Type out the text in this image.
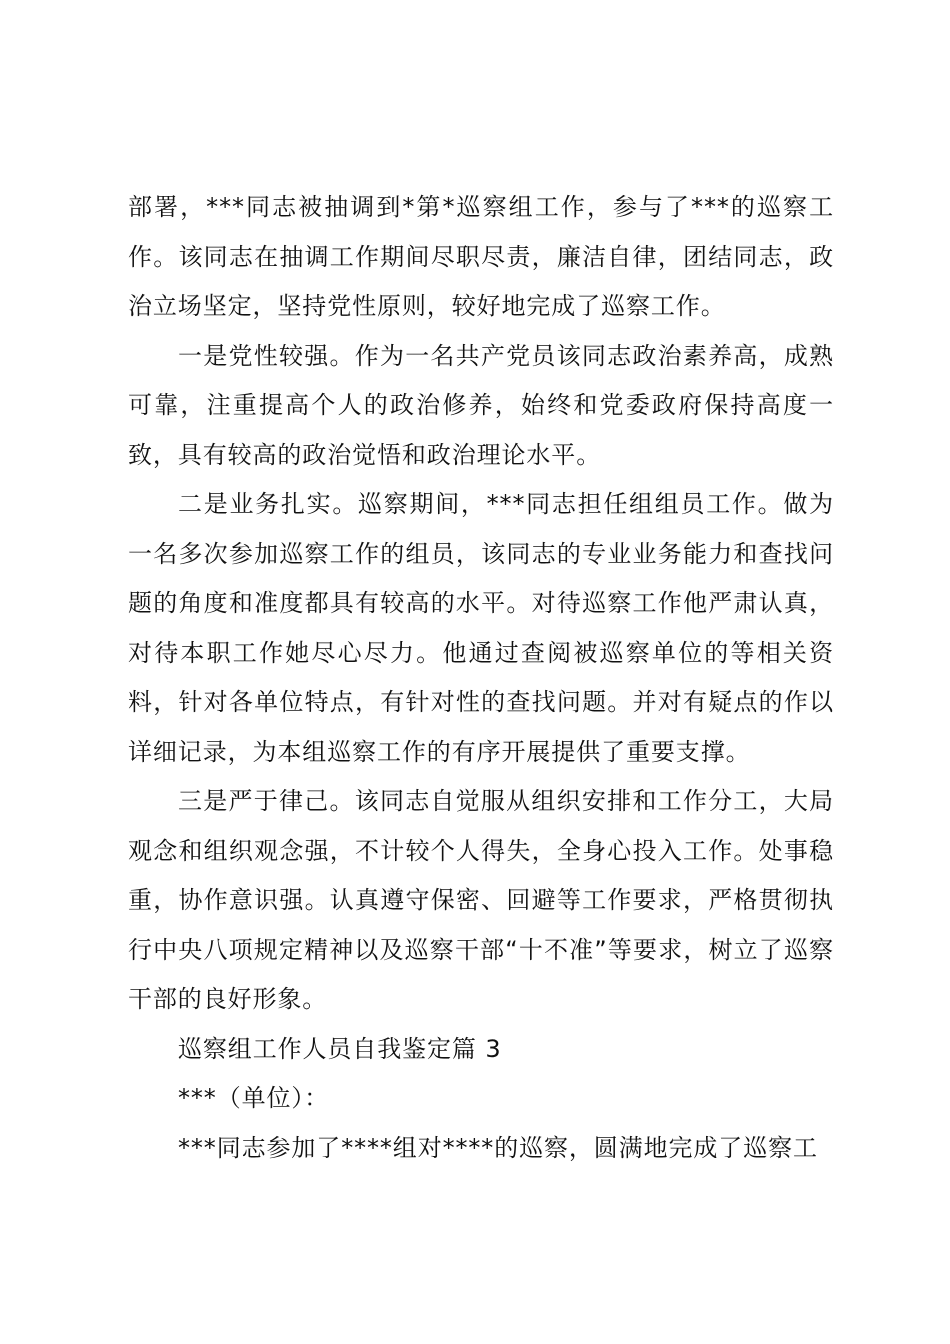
部署，***同志被抽调到*第*巡察组工作，参与了***的巡察工作。该同志在抽调工作期间尽职尽责，廉洁自律，团结同志，政治立场坚定，坚持党性原则，较好地完成了巡察工作。

一是党性较强。作为一名共产党员该同志政治素养高，成熟可靠，注重提高个人的政治修养，始终和党委政府保持高度一致，具有较高的政治觉悟和政治理论水平。

二是业务扎实。巡察期间，***同志担任组组员工作。做为一名多次参加巡察工作的组员，该同志的专业业务能力和查找问题的角度和准度都具有较高的水平。对待巡察工作他严肃认真，对待本职工作她尽心尽力。他通过查阅被巡察单位的等相关资料，针对各单位特点，有针对性的查找问题。并对有疑点的作以详细记录，为本组巡察工作的有序开展提供了重要支撑。

三是严于律己。该同志自觉服从组织安排和工作分工，大局观念和组织观念强，不计较个人得失，全身心投入工作。处事稳重，协作意识强。认真遵守保密、回避等工作要求，严格贯彻执行中央八项规定精神以及巡察干部“十不准”等要求，树立了巡察干部的良好形象。

巡察组工作人员自我鉴定篇 3

***（单位）：

***同志参加了****组对****的巡察，圆满地完成了巡察工
